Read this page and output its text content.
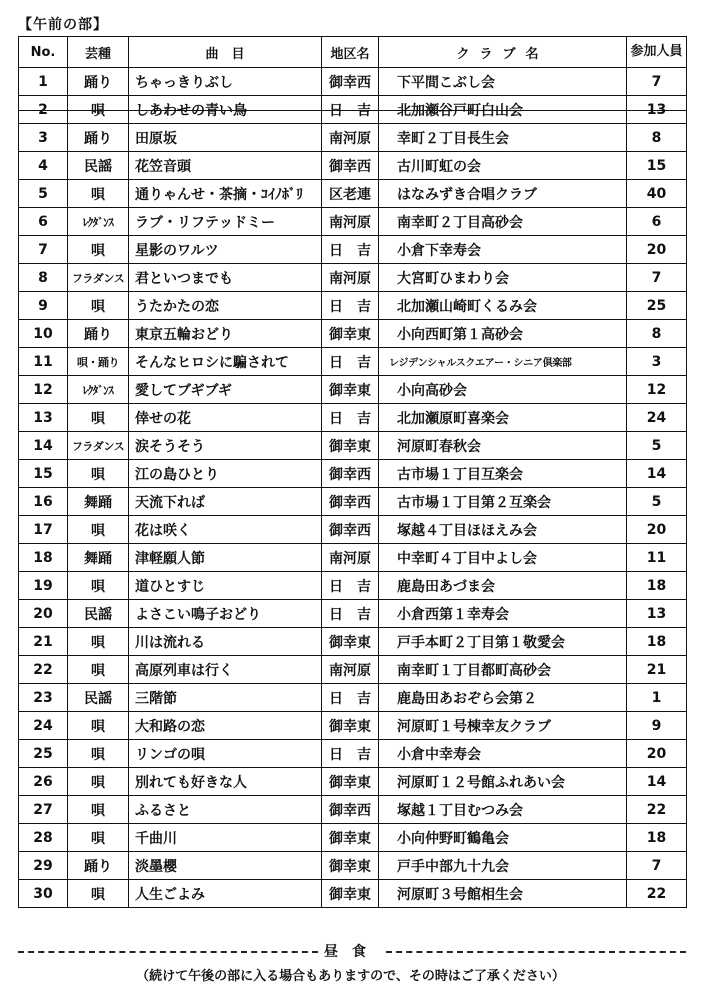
【午前の部】
No.	芸種	曲　目	地区名	クラブ名	参加人員
1	踊り	ちゃっきりぶし	御幸西	下平間こぶし会	7
2	唄	しあわせの青い鳥	日　吉	北加瀬谷戸町白山会	13
3	踊り	田原坂	南河原	幸町２丁目長生会	8
4	民謡	花笠音頭	御幸西	古川町虹の会	15
5	唄	通りゃんせ・茶摘・ｺｲﾉﾎﾞﾘ	区老連	はなみずき合唱クラブ	40
6	ﾚｸﾀﾞﾝｽ	ラブ・リフテッドミー	南河原	南幸町２丁目高砂会	6
7	唄	星影のワルツ	日　吉	小倉下幸寿会	20
8	フラダンス	君といつまでも	南河原	大宮町ひまわり会	7
9	唄	うたかたの恋	日　吉	北加瀬山崎町くるみ会	25
10	踊り	東京五輪おどり	御幸東	小向西町第１高砂会	8
11	唄・踊り	そんなヒロシに騙されて	日　吉	レジデンシャルスクエアー・シニア倶楽部	3
12	ﾚｸﾀﾞﾝｽ	愛してブギブギ	御幸東	小向高砂会	12
13	唄	倖せの花	日　吉	北加瀬原町喜楽会	24
14	フラダンス	涙そうそう	御幸東	河原町春秋会	5
15	唄	江の島ひとり	御幸西	古市場１丁目互楽会	14
16	舞踊	天流下れば	御幸西	古市場１丁目第２互楽会	5
17	唄	花は咲く	御幸西	塚越４丁目ほほえみ会	20
18	舞踊	津軽願人節	南河原	中幸町４丁目中よし会	11
19	唄	道ひとすじ	日　吉	鹿島田あづま会	18
20	民謡	よさこい鳴子おどり	日　吉	小倉西第１幸寿会	13
21	唄	川は流れる	御幸東	戸手本町２丁目第１敬愛会	18
22	唄	高原列車は行く	南河原	南幸町１丁目都町高砂会	21
23	民謡	三階節	日　吉	鹿島田あおぞら会第２	1
24	唄	大和路の恋	御幸東	河原町１号棟幸友クラブ	9
25	唄	リンゴの唄	日　吉	小倉中幸寿会	20
26	唄	別れても好きな人	御幸東	河原町１２号館ふれあい会	14
27	唄	ふるさと	御幸西	塚越１丁目むつみ会	22
28	唄	千曲川	御幸東	小向仲野町鶴亀会	18
29	踊り	淡墨櫻	御幸東	戸手中部九十九会	7
30	唄	人生ごよみ	御幸東	河原町３号館相生会	22
昼食
（続けて午後の部に入る場合もありますので、その時はご了承ください）
